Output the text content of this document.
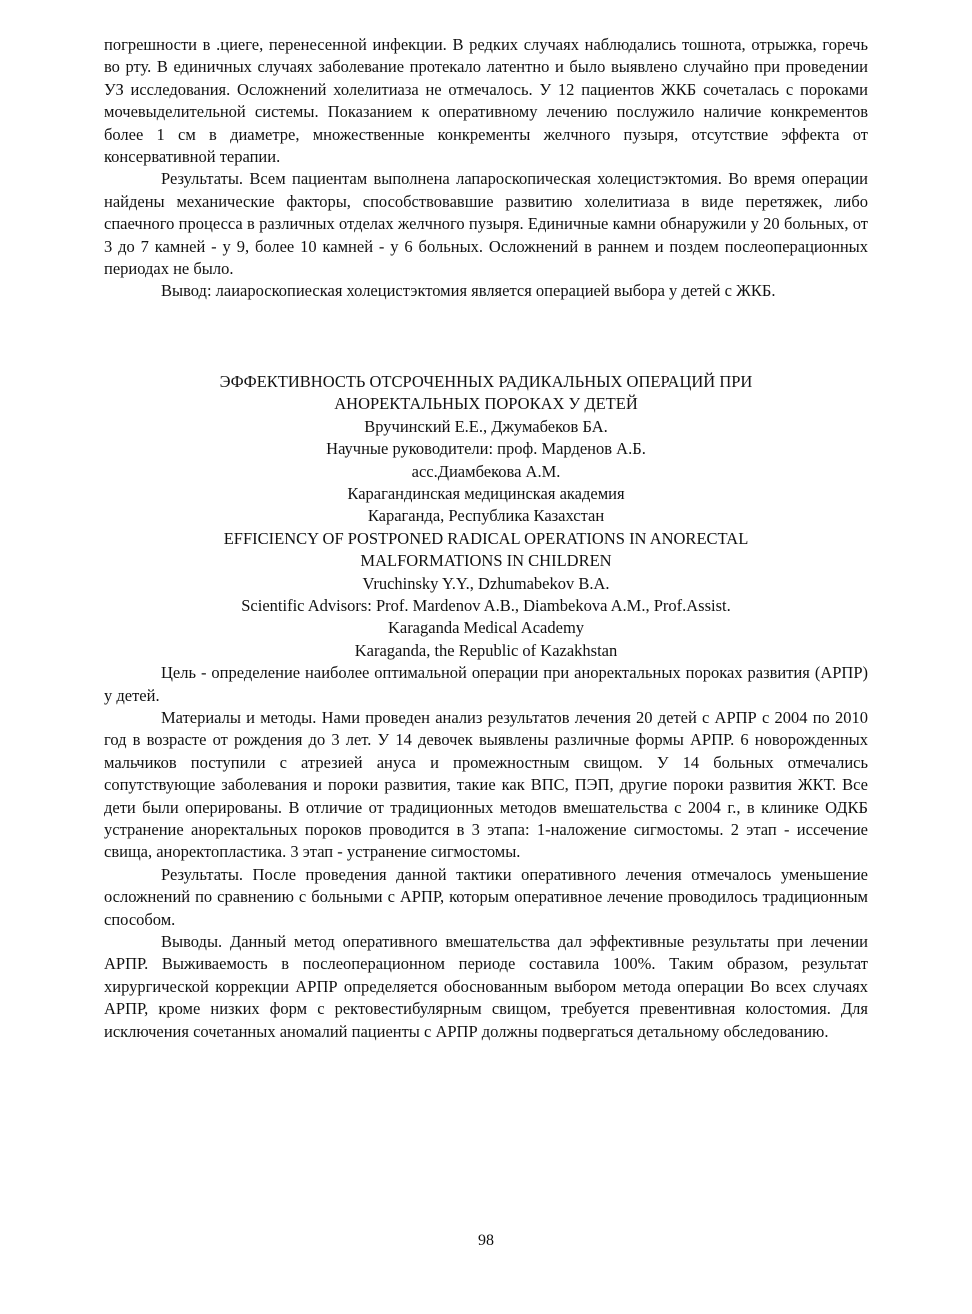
погрешности в .циеге, перенесенной инфекции. В редких случаях наблюдались тошнота, отрыжка, горечь во рту. В единичных случаях заболевание протекало латентно и было выявлено случайно при проведении УЗ исследования. Осложнений холелитиаза не отмечалось. У 12 пациентов ЖКБ сочеталась с пороками мочевыделительной системы. Показанием к оперативному лечению послужило наличие конкрементов более 1 см в диаметре, множественные конкременты желчного пузыря, отсутствие эффекта от консервативной терапии.

Результаты. Всем пациентам выполнена лапароскопическая холецистэктомия. Во время операции найдены механические факторы, способствовавшие развитию холелитиаза в виде перетяжек, либо спаечного процесса в различных отделах желчного пузыря. Единичные камни обнаружили у 20 больных, от 3 до 7 камней - у 9, более 10 камней - у 6 больных. Осложнений в раннем и поздем послеоперационных периодах не было.

Вывод: лаиароскопиеская холецистэктомия является операцией выбора у детей с ЖКБ.

ЭФФЕКТИВНОСТЬ ОТСРОЧЕННЫХ РАДИКАЛЬНЫХ ОПЕРАЦИЙ ПРИ

АНОРЕКТАЛЬНЫХ ПОРОКАХ У ДЕТЕЙ

Вручинский Е.Е., Джумабеков БА.

Научные руководители: проф. Марденов А.Б.

асс.Диамбекова А.М.

Карагандинская медицинская академия

Караганда, Республика Казахстан

EFFICIENCY OF POSTPONED RADICAL OPERATIONS IN ANORECTAL

MALFORMATIONS IN CHILDREN

Vruchinsky Y.Y., Dzhumabekov B.A.

Scientific Advisors: Prof. Mardenov A.B., Diambekova A.M., Prof.Assist.

Karaganda Medical Academy

Karaganda, the Republic of Kazakhstan

Цель - определение наиболее оптимальной операции при аноректальных пороках развития (АРПР) у детей.

Материалы и методы. Нами проведен анализ результатов лечения 20 детей с АРПР с 2004 по 2010 год в возрасте от рождения до 3 лет. У 14 девочек выявлены различные формы АРПР. 6 новорожденных мальчиков поступили с атрезией ануса и промежностным свищом. У 14 больных отмечались сопутствующие заболевания и пороки развития, такие как ВПС, ПЭП, другие пороки развития ЖКТ. Все дети были оперированы. В отличие от традиционных методов вмешательства с 2004 г., в клинике ОДКБ устранение аноректальных пороков проводится в 3 этапа: 1-наложение сигмостомы. 2 этап - иссечение свища, аноректопластика. 3 этап - устранение сигмостомы.

Результаты. После проведения данной тактики оперативного лечения отмечалось уменьшение осложнений по сравнению с больными с АРПР, которым оперативное лечение проводилось традиционным способом.

Выводы. Данный метод оперативного вмешательства дал эффективные результаты при лечении АРПР. Выживаемость в послеоперационном периоде составила 100%. Таким образом, результат хирургической коррекции АРПР определяется обоснованным выбором метода операции Во всех случаях АРПР, кроме низких форм с ректовестибулярным свищом, требуется превентивная колостомия. Для исключения сочетанных аномалий пациенты с АРПР должны подвергаться детальному обследованию.

98
